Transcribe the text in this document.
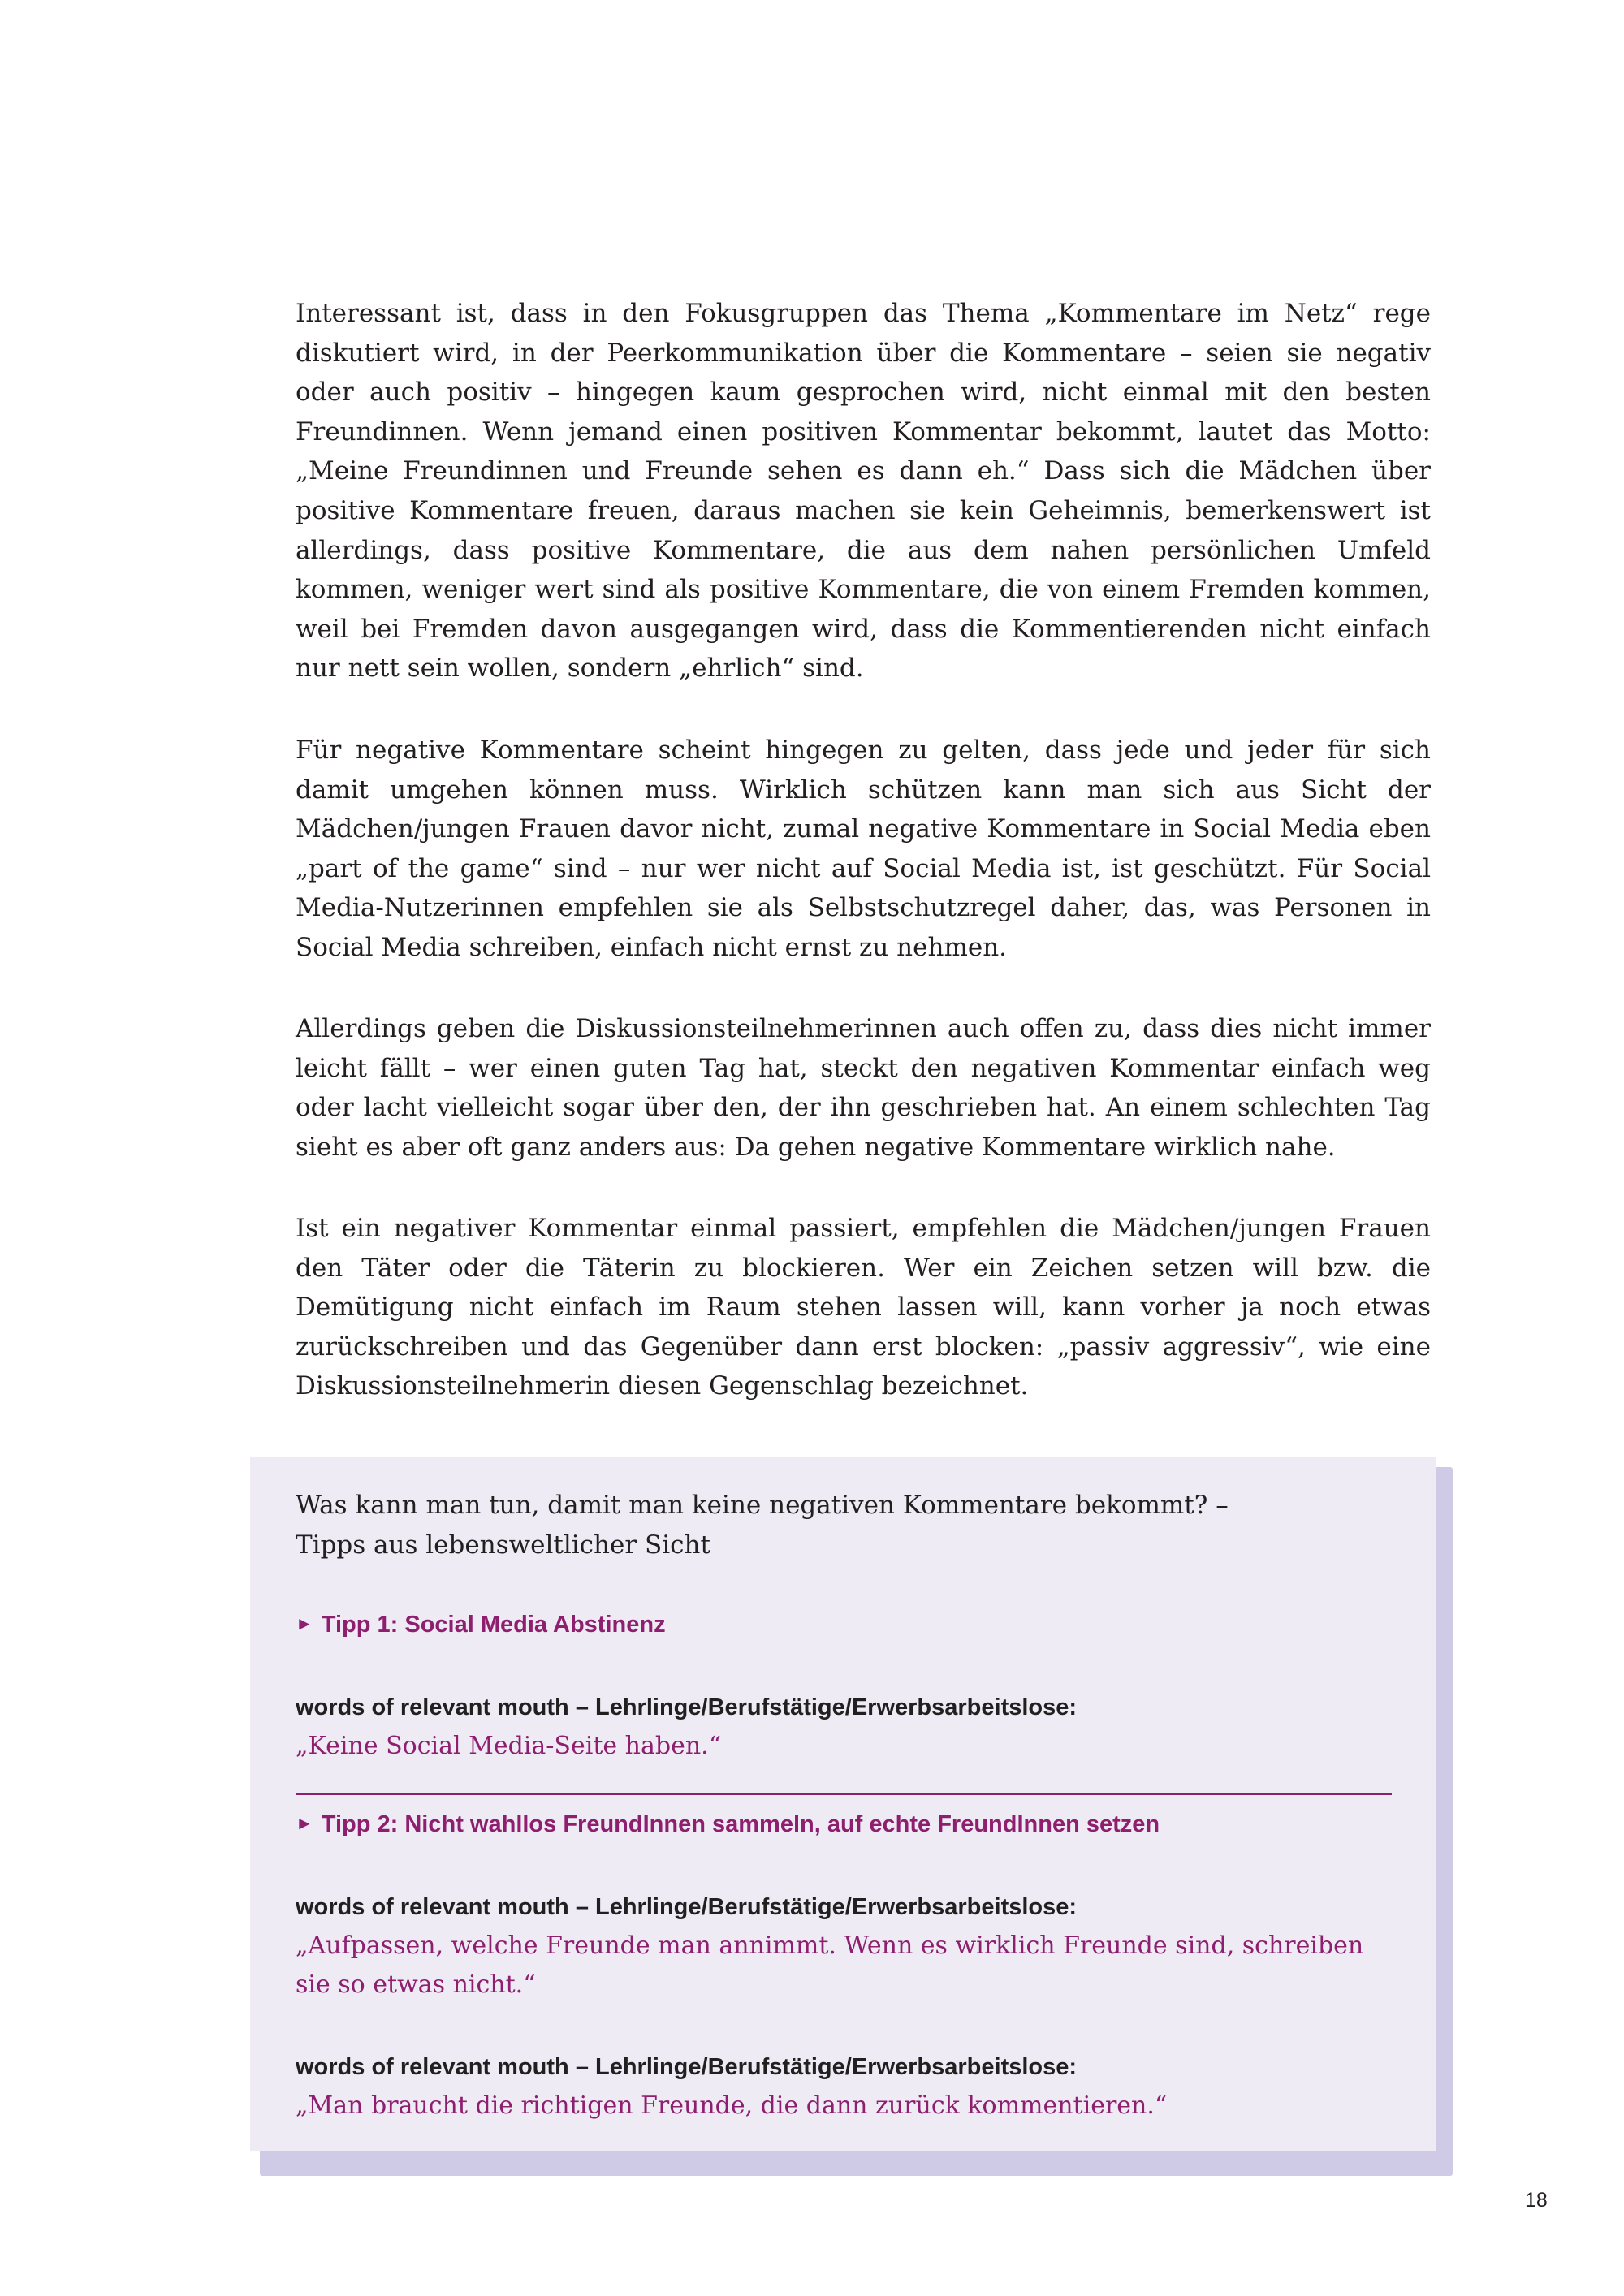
Interessant ist, dass in den Fokusgruppen das Thema „Kommentare im Netz“ rege diskutiert wird, in der Peerkommunikation über die Kommentare – seien sie negativ oder auch positiv – hingegen kaum gesprochen wird, nicht einmal mit den besten Freundinnen. Wenn jemand einen positiven Kommentar bekommt, lautet das Motto: „Meine Freundinnen und Freunde sehen es dann eh.“ Dass sich die Mädchen über positive Kommentare freuen, daraus machen sie kein Geheimnis, bemerkenswert ist allerdings, dass positive Kommentare, die aus dem nahen persönlichen Umfeld kommen, weniger wert sind als positive Kommentare, die von einem Fremden kommen, weil bei Fremden davon ausgegangen wird, dass die Kommentierenden nicht einfach nur nett sein wollen, sondern „ehrlich“ sind.

Für negative Kommentare scheint hingegen zu gelten, dass jede und jeder für sich damit umgehen können muss. Wirklich schützen kann man sich aus Sicht der Mädchen/jungen Frauen davor nicht, zumal negative Kommentare in Social Media eben „part of the game“ sind – nur wer nicht auf Social Media ist, ist geschützt. Für Social Media-Nutzerinnen empfehlen sie als Selbstschutzregel daher, das, was Personen in Social Media schreiben, einfach nicht ernst zu nehmen.

Allerdings geben die Diskussionsteilnehmerinnen auch offen zu, dass dies nicht immer leicht fällt – wer einen guten Tag hat, steckt den negativen Kommentar einfach weg oder lacht vielleicht sogar über den, der ihn geschrieben hat. An einem schlechten Tag sieht es aber oft ganz anders aus: Da gehen negative Kommentare wirklich nahe.

Ist ein negativer Kommentar einmal passiert, empfehlen die Mädchen/jungen Frauen den Täter oder die Täterin zu blockieren. Wer ein Zeichen setzen will bzw. die Demütigung nicht einfach im Raum stehen lassen will, kann vorher ja noch etwas zurückschreiben und das Gegenüber dann erst blocken: „passiv aggressiv“, wie eine Diskussionsteilnehmerin diesen Gegenschlag bezeichnet.

Was kann man tun, damit man keine negativen Kommentare bekommt? –
Tipps aus lebensweltlicher Sicht

► Tipp 1: Social Media Abstinenz

words of relevant mouth – Lehrlinge/Berufstätige/Erwerbsarbeitslose:

„Keine Social Media-Seite haben.“

► Tipp 2: Nicht wahllos FreundInnen sammeln, auf echte FreundInnen setzen

words of relevant mouth – Lehrlinge/Berufstätige/Erwerbsarbeitslose:

„Aufpassen, welche Freunde man annimmt. Wenn es wirklich Freunde sind, schreiben sie so etwas nicht.“

words of relevant mouth – Lehrlinge/Berufstätige/Erwerbsarbeitslose:

„Man braucht die richtigen Freunde, die dann zurück kommentieren.“

18
